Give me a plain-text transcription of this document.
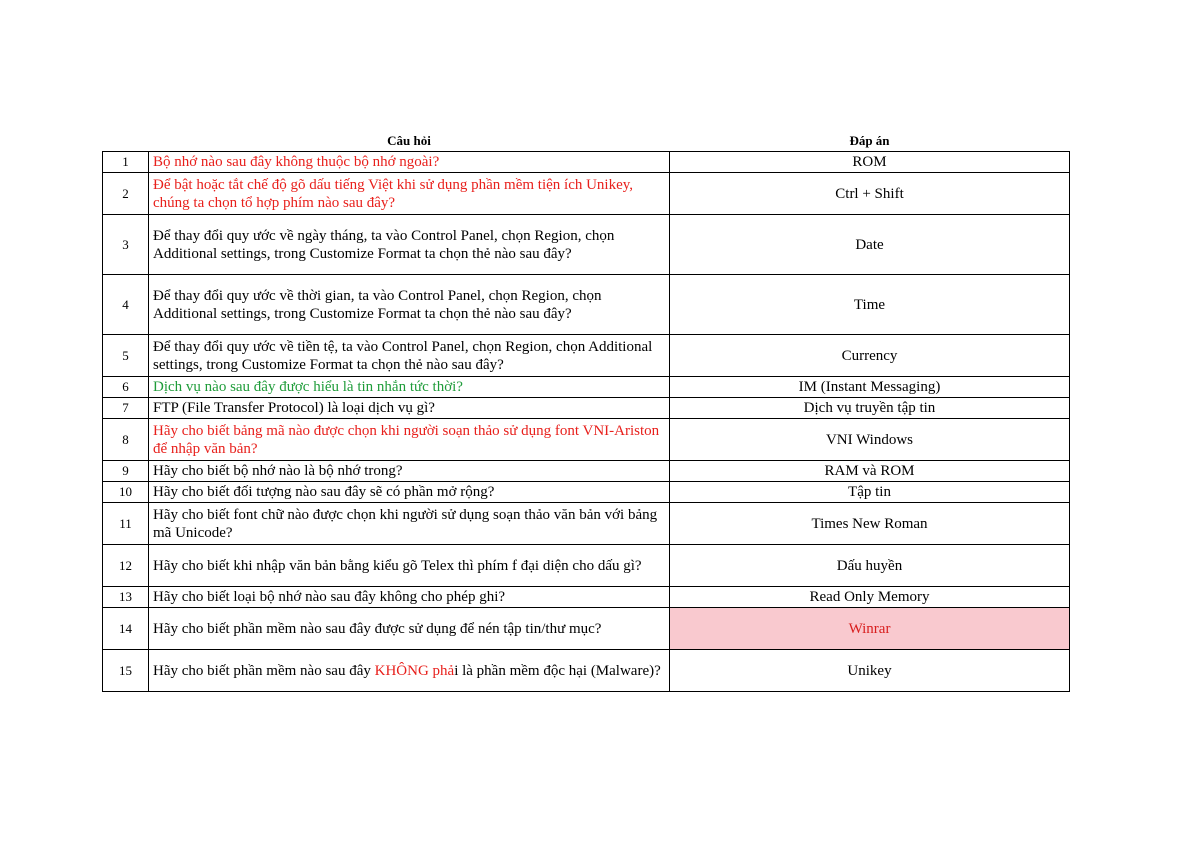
	Câu hỏi	Đáp án
1	Bộ nhớ nào sau đây không thuộc bộ nhớ ngoài?	ROM
2	Để bật hoặc tắt chế độ gõ dấu tiếng Việt khi sử dụng phần mềm tiện ích Unikey, chúng ta chọn tổ hợp phím nào sau đây?	Ctrl + Shift
3	Để thay đổi quy ước về ngày tháng, ta vào Control Panel, chọn Region, chọn Additional settings, trong Customize Format ta chọn thẻ nào sau đây?	Date
4	Để thay đổi quy ước về thời gian, ta vào Control Panel, chọn Region, chọn Additional settings, trong Customize Format ta chọn thẻ nào sau đây?	Time
5	Để thay đổi quy ước về tiền tệ, ta vào Control Panel, chọn Region, chọn Additional settings, trong Customize Format ta chọn thẻ nào sau đây?	Currency
6	Dịch vụ nào sau đây được hiểu là tin nhắn tức thời?	IM (Instant Messaging)
7	FTP (File Transfer Protocol) là loại dịch vụ gì?	Dịch vụ truyền tập tin
8	Hãy cho biết bảng mã nào được chọn khi người soạn thảo sử dụng font VNI-Ariston để nhập văn bản?	VNI Windows
9	Hãy cho biết bộ nhớ nào là bộ nhớ trong?	RAM và ROM
10	Hãy cho biết đối tượng nào sau đây sẽ có phần mở rộng?	Tập tin
11	Hãy cho biết font chữ nào được chọn khi người sử dụng soạn thảo văn bản với bảng mã Unicode?	Times New Roman
12	Hãy cho biết khi nhập văn bản bằng kiểu gõ Telex thì phím f đại diện cho dấu gì?	Dấu huyền
13	Hãy cho biết loại bộ nhớ nào sau đây không cho phép ghi?	Read Only Memory
14	Hãy cho biết phần mềm nào sau đây được sử dụng để nén tập tin/thư mục?	Winrar
15	Hãy cho biết phần mềm nào sau đây KHÔNG phải là phần mềm độc hại (Malware)?	Unikey
